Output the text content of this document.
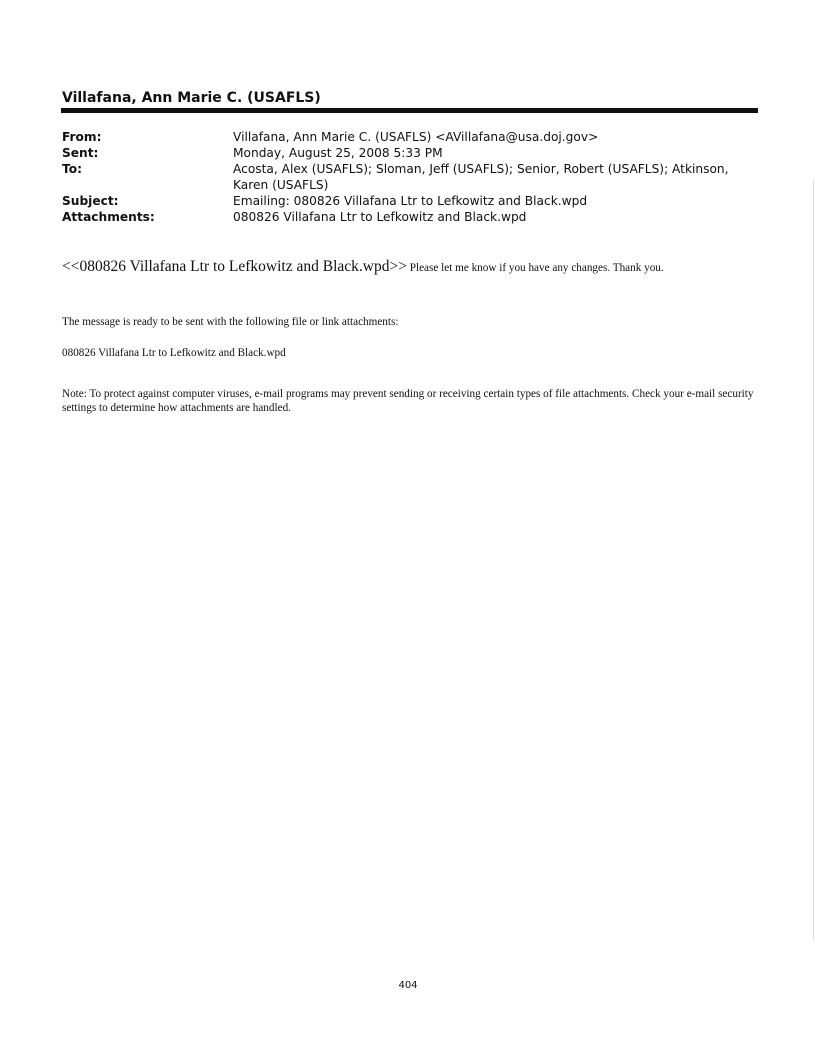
Villafana, Ann Marie C. (USAFLS)
From:	Villafana, Ann Marie C. (USAFLS) <AVillafana@usa.doj.gov>
Sent:	Monday, August 25, 2008 5:33 PM
To:	Acosta, Alex (USAFLS); Sloman, Jeff (USAFLS); Senior, Robert (USAFLS); Atkinson, Karen (USAFLS)
Subject:	Emailing: 080826 Villafana Ltr to Lefkowitz and Black.wpd
Attachments:	080826 Villafana Ltr to Lefkowitz and Black.wpd
<<080826 Villafana Ltr to Lefkowitz and Black.wpd>> Please let me know if you have any changes. Thank you.
The message is ready to be sent with the following file or link attachments:
080826 Villafana Ltr to Lefkowitz and Black.wpd
Note: To protect against computer viruses, e-mail programs may prevent sending or receiving certain types of file attachments. Check your e-mail security settings to determine how attachments are handled.
404
